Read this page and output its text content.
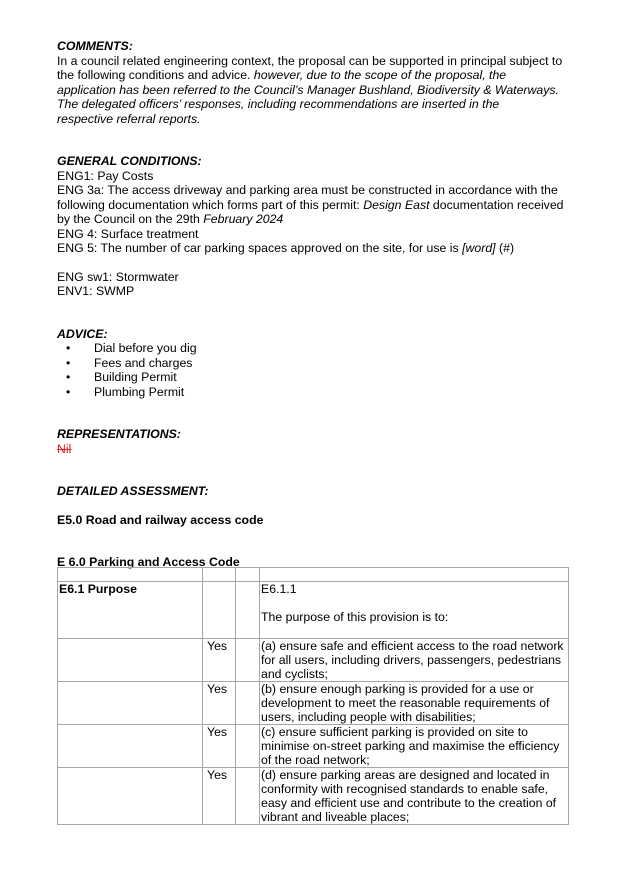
COMMENTS:
In a council related engineering context, the proposal can be supported in principal subject to
the following conditions and advice. however, due to the scope of the proposal, the
application has been referred to the Council’s Manager Bushland, Biodiversity & Waterways.
The delegated officers’ responses, including recommendations are inserted in the
respective referral reports.
GENERAL CONDITIONS:
ENG1: Pay Costs
ENG 3a: The access driveway and parking area must be constructed in accordance with the
following documentation which forms part of this permit: Design East documentation received
by the Council on the 29th February 2024
ENG 4: Surface treatment
ENG 5: The number of car parking spaces approved on the site, for use is [word] (#)
ENG sw1: Stormwater
ENV1: SWMP
ADVICE:
• Dial before you dig
• Fees and charges
• Building Permit
• Plumbing Permit
REPRESENTATIONS:
Nil
DETAILED ASSESSMENT:
E5.0 Road and railway access code
E 6.0 Parking and Access Code

E6.1 Purpose			E6.1.1
The purpose of this provision is to:

	Yes		(a) ensure safe and efficient access to the road network
for all users, including drivers, passengers, pedestrians
and cyclists;

	Yes		(b) ensure enough parking is provided for a use or
development to meet the reasonable requirements of
users, including people with disabilities;

	Yes		(c) ensure sufficient parking is provided on site to
minimise on-street parking and maximise the efficiency
of the road network;

	Yes		(d) ensure parking areas are designed and located in
conformity with recognised standards to enable safe,
easy and efficient use and contribute to the creation of
vibrant and liveable places;
